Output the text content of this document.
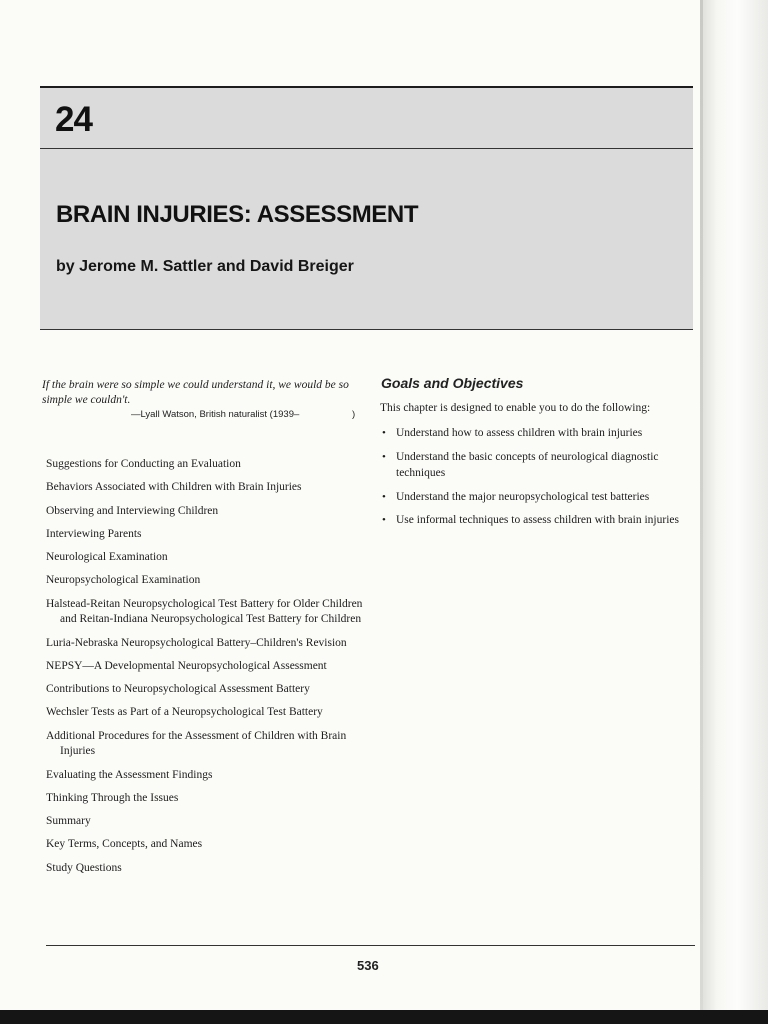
24
BRAIN INJURIES: ASSESSMENT
by Jerome M. Sattler and David Breiger
If the brain were so simple we could understand it, we would be so simple we couldn't.
—Lyall Watson, British naturalist (1939–	)
Suggestions for Conducting an Evaluation
Behaviors Associated with Children with Brain Injuries
Observing and Interviewing Children
Interviewing Parents
Neurological Examination
Neuropsychological Examination
Halstead-Reitan Neuropsychological Test Battery for Older Children and Reitan-Indiana Neuropsychological Test Battery for Children
Luria-Nebraska Neuropsychological Battery–Children's Revision
NEPSY—A Developmental Neuropsychological Assessment
Contributions to Neuropsychological Assessment Battery
Wechsler Tests as Part of a Neuropsychological Test Battery
Additional Procedures for the Assessment of Children with Brain Injuries
Evaluating the Assessment Findings
Thinking Through the Issues
Summary
Key Terms, Concepts, and Names
Study Questions
Goals and Objectives
This chapter is designed to enable you to do the following:
• Understand how to assess children with brain injuries
• Understand the basic concepts of neurological diagnostic techniques
• Understand the major neuropsychological test batteries
• Use informal techniques to assess children with brain injuries
536
